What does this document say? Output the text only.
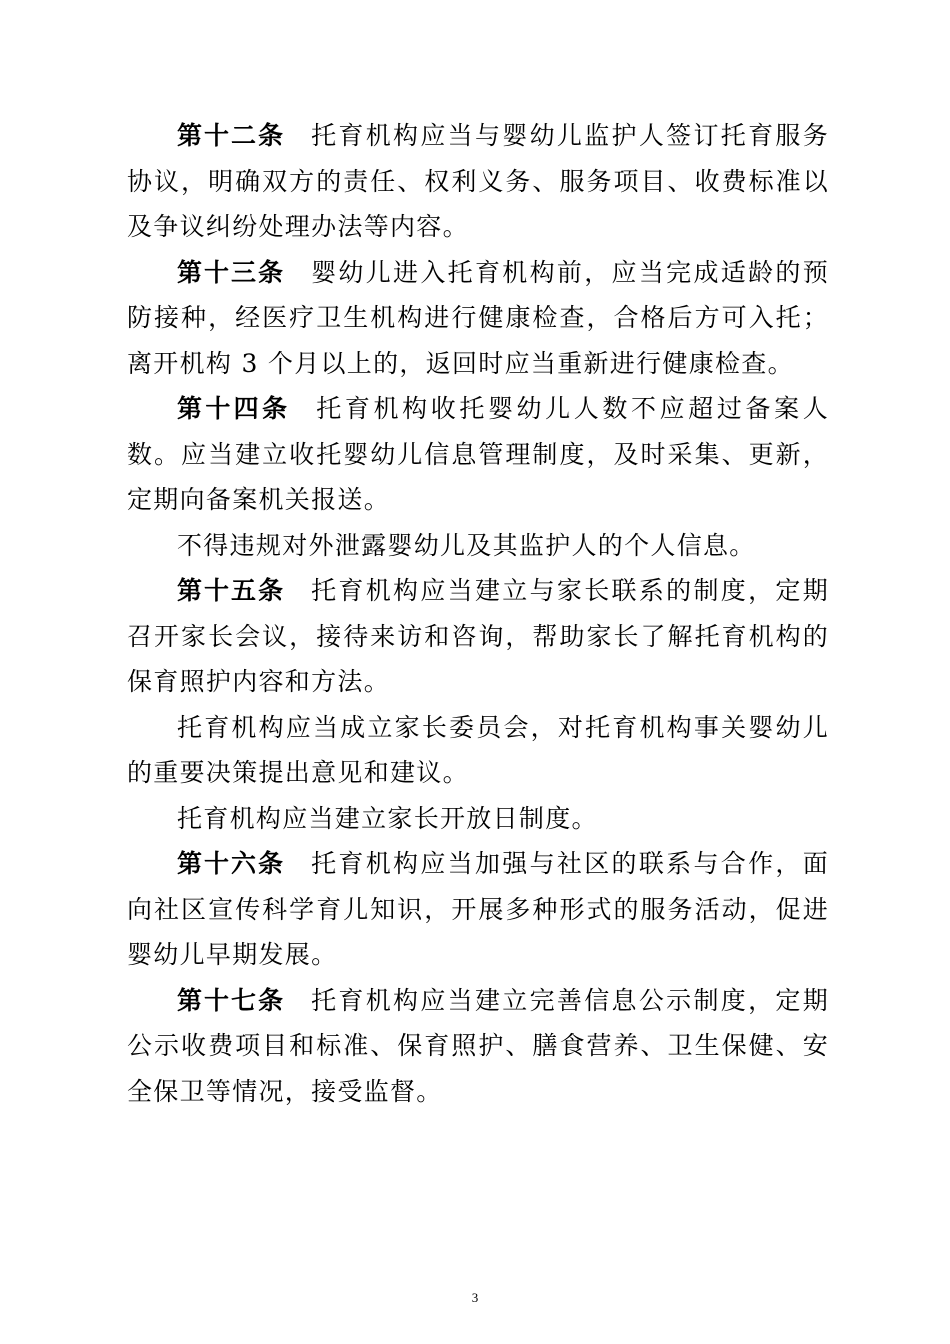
第十二条 托育机构应当与婴幼儿监护人签订托育服务协议，明确双方的责任、权利义务、服务项目、收费标准以及争议纠纷处理办法等内容。

第十三条 婴幼儿进入托育机构前，应当完成适龄的预防接种，经医疗卫生机构进行健康检查，合格后方可入托；离开机构 3 个月以上的，返回时应当重新进行健康检查。

第十四条 托育机构收托婴幼儿人数不应超过备案人数。应当建立收托婴幼儿信息管理制度，及时采集、更新，定期向备案机关报送。

不得违规对外泄露婴幼儿及其监护人的个人信息。

第十五条 托育机构应当建立与家长联系的制度，定期召开家长会议，接待来访和咨询，帮助家长了解托育机构的保育照护内容和方法。

托育机构应当成立家长委员会，对托育机构事关婴幼儿的重要决策提出意见和建议。

托育机构应当建立家长开放日制度。

第十六条 托育机构应当加强与社区的联系与合作，面向社区宣传科学育儿知识，开展多种形式的服务活动，促进婴幼儿早期发展。

第十七条 托育机构应当建立完善信息公示制度，定期公示收费项目和标准、保育照护、膳食营养、卫生保健、安全保卫等情况，接受监督。

3
